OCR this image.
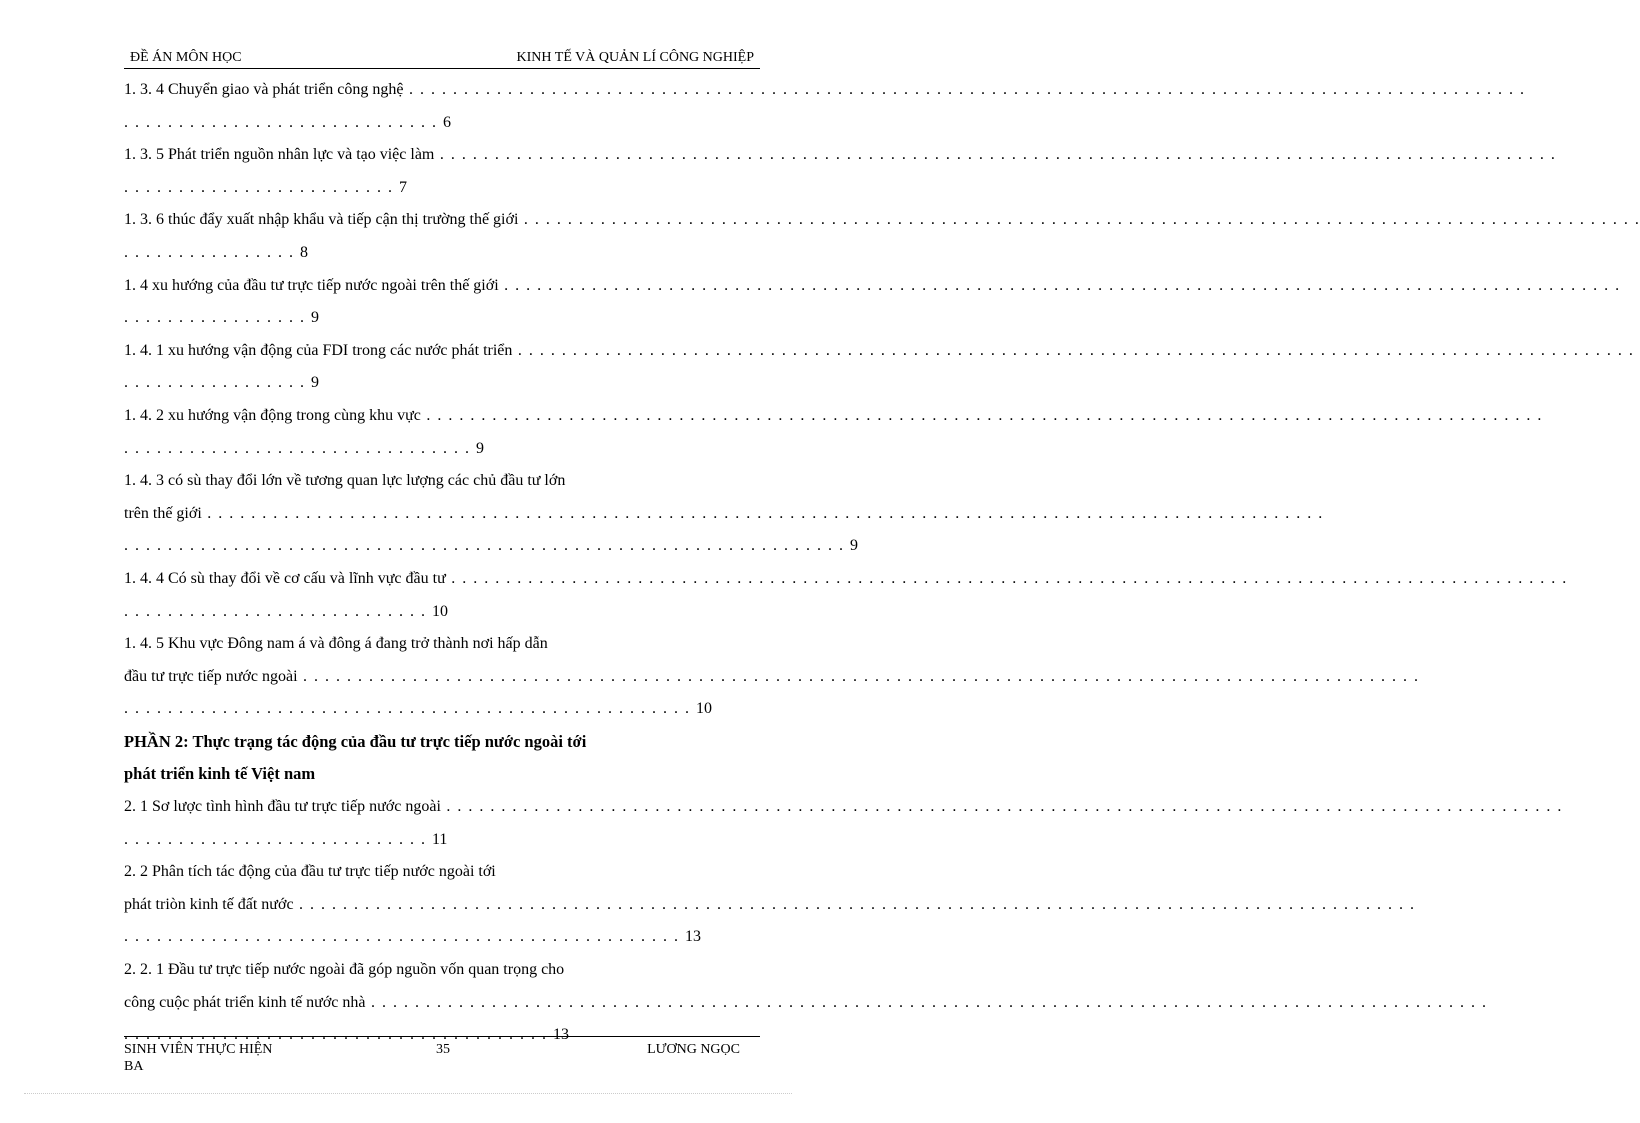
ĐỀ ÁN MÔN HỌC	KINH TẾ VÀ QUẢN LÍ CÔNG NGHIỆP
1. 3. 4 Chuyển giao và phát triển công nghệ . . .
. . . . . . . . . . . . . . . . . . . . . . . . . . . . . 6
1. 3. 5 Phát triển nguồn nhân lực và tạo việc làm . . .
. . . . . . . . . . . . . . . . . . . . . . . . . 7
1. 3. 6 thúc đẩy xuất nhập khẩu và tiếp cận thị trường thế giới . . .
. . . . . . . . . . . . . . . . 8
1. 4 xu hướng của đầu tư trực tiếp nước ngoài trên thế giới . . .
. . . . . . . . . . . . . . . . . 9
1. 4. 1 xu hướng vận động của FDI trong các nước phát triển . . .
. . . . . . . . . . . . . . . . . 9
1. 4. 2 xu hướng vận động trong cùng khu vực . . .
. . . . . . . . . . . . . . . . . . . . . . . . . . . . . . . . 9
1. 4. 3 có sù thay đổi lớn về tương quan lực lượng các chủ đầu tư lớn
trên thế giới . . .
. . . . . . . . . . . . . . . . . . . . . . . . . . . . . . . . . . . . . . . . . . . . . . . . . . . . . . . . . . . . . . . . . . 9
1. 4. 4 Có sù thay đổi về cơ cấu và lĩnh vực đầu tư . . .
. . . . . . . . . . . . . . . . . . . . . . . . . . . . 10
1. 4. 5 Khu vực Đông nam á và đông á đang trở thành nơi hấp dẫn
đầu tư trực tiếp nước ngoài . . .
. . . . . . . . . . . . . . . . . . . . . . . . . . . . . . . . . . . . . . . . . . . . . . . . . . . . 10
PHẦN 2: Thực trạng tác động của đầu tư trực tiếp nước ngoài tới
phát triển kinh tế Việt nam
2. 1 Sơ lược tình hình đầu tư trực tiếp nước ngoài . . .
. . . . . . . . . . . . . . . . . . . . . . . . . . . . 11
2. 2 Phân tích tác động của đầu tư trực tiếp nước ngoài tới
phát triòn kinh tế đất nước . . .
. . . . . . . . . . . . . . . . . . . . . . . . . . . . . . . . . . . . . . . . . . . . . . . . . . . 13
2. 2. 1 Đầu tư trực tiếp nước ngoài đã góp nguồn vốn quan trọng cho
công cuộc phát triển kinh tế nước nhà . . .
. . . . . . . . . . . . . . . . . . . . . . . . . . . . . . . . . . . . . . . 13
SINH VIÊN THỰC HIỆN	35	LƯƠNG NGỌC
BA
